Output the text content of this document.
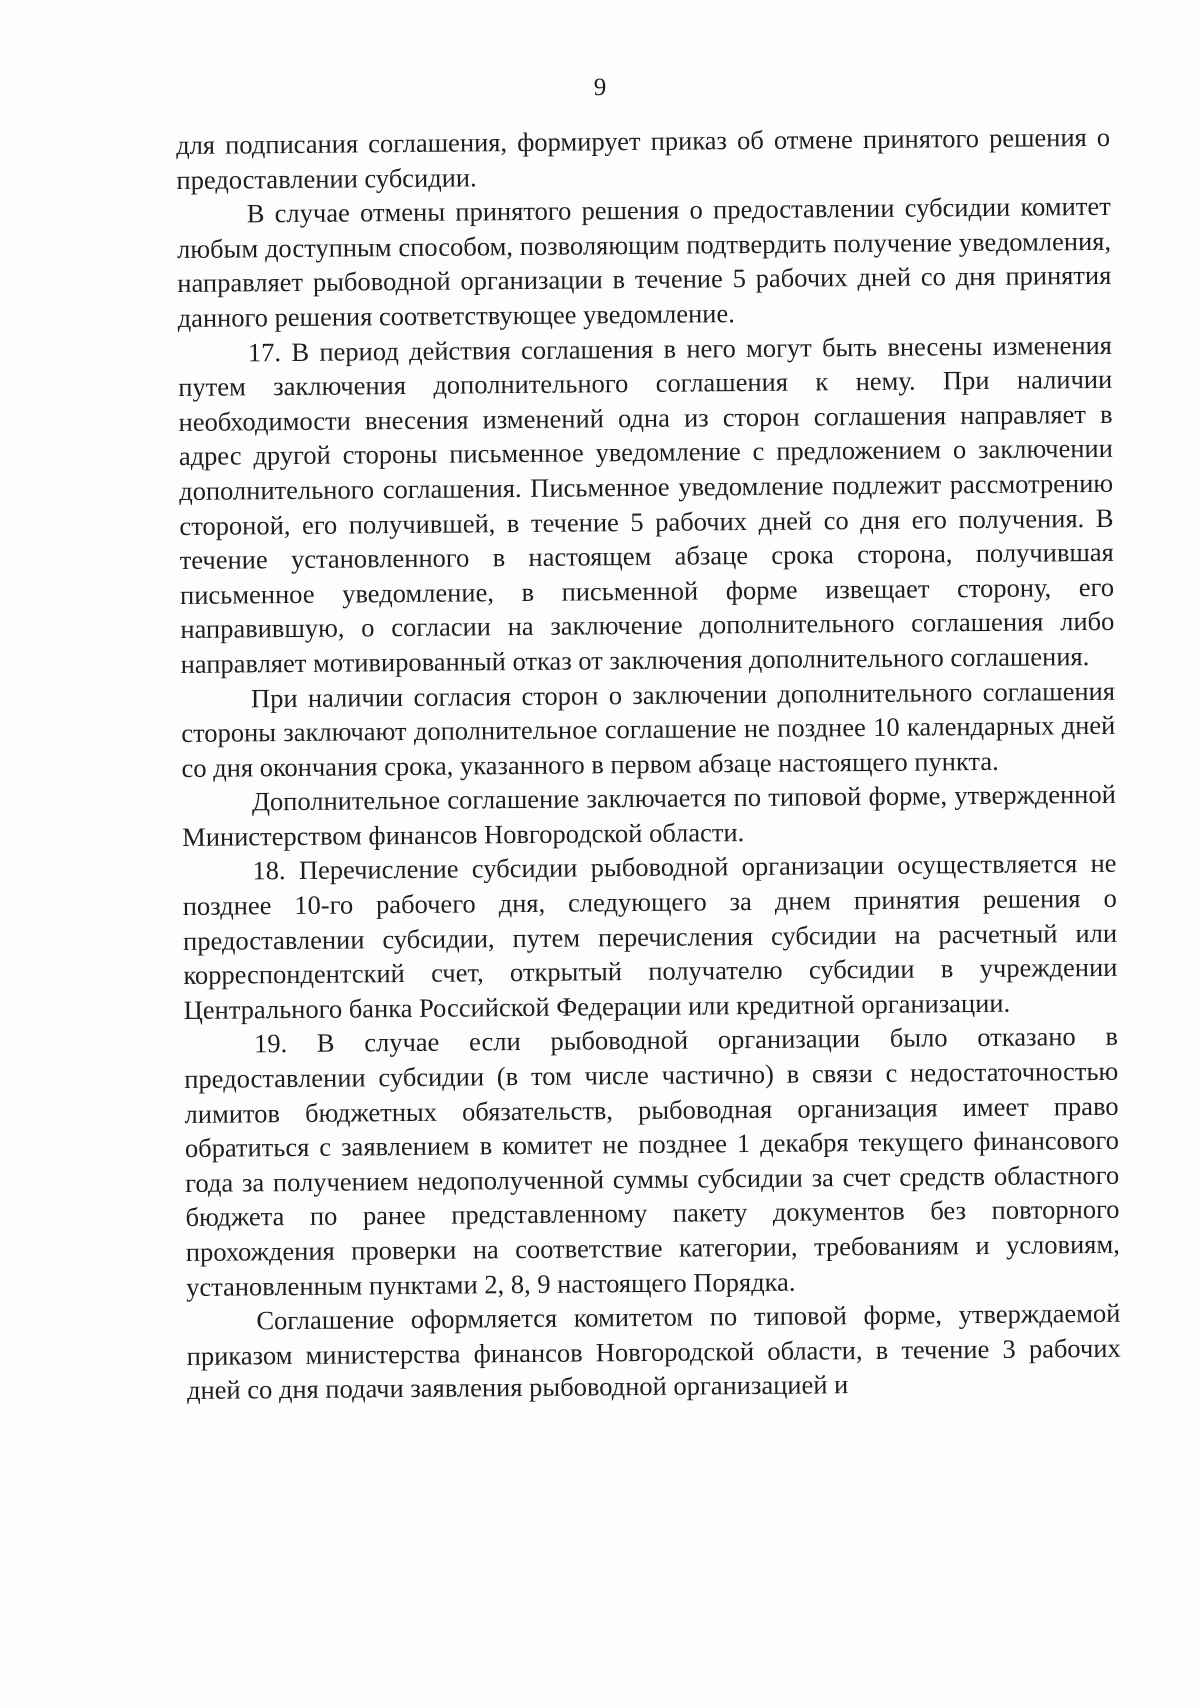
9

для подписания соглашения, формирует приказ об отмене принятого решения о предоставлении субсидии.

В случае отмены принятого решения о предоставлении субсидии комитет любым доступным способом, позволяющим подтвердить получение уведомления, направляет рыбоводной организации в течение 5 рабочих дней со дня принятия данного решения соответствующее уведомление.

17. В период действия соглашения в него могут быть внесены изменения путем заключения дополнительного соглашения к нему. При наличии необходимости внесения изменений одна из сторон соглашения направляет в адрес другой стороны письменное уведомление с предложением о заключении дополнительного соглашения. Письменное уведомление подлежит рассмотрению стороной, его получившей, в течение 5 рабочих дней со дня его получения. В течение установленного в настоящем абзаце срока сторона, получившая письменное уведомление, в письменной форме извещает сторону, его направившую, о согласии на заключение дополнительного соглашения либо направляет мотивированный отказ от заключения дополнительного соглашения.

При наличии согласия сторон о заключении дополнительного соглашения стороны заключают дополнительное соглашение не позднее 10 календарных дней со дня окончания срока, указанного в первом абзаце настоящего пункта.

Дополнительное соглашение заключается по типовой форме, утвержденной Министерством финансов Новгородской области.

18. Перечисление субсидии рыбоводной организации осуществляется не позднее 10-го рабочего дня, следующего за днем принятия решения о предоставлении субсидии, путем перечисления субсидии на расчетный или корреспондентский счет, открытый получателю субсидии в учреждении Центрального банка Российской Федерации или кредитной организации.

19. В случае если рыбоводной организации было отказано в предоставлении субсидии (в том числе частично) в связи с недостаточностью лимитов бюджетных обязательств, рыбоводная организация имеет право обратиться с заявлением в комитет не позднее 1 декабря текущего финансового года за получением недополученной суммы субсидии за счет средств областного бюджета по ранее представленному пакету документов без повторного прохождения проверки на соответствие категории, требованиям и условиям, установленным пунктами 2, 8, 9 настоящего Порядка.

Соглашение оформляется комитетом по типовой форме, утверждаемой приказом министерства финансов Новгородской области, в течение 3 рабочих дней со дня подачи заявления рыбоводной организацией и
